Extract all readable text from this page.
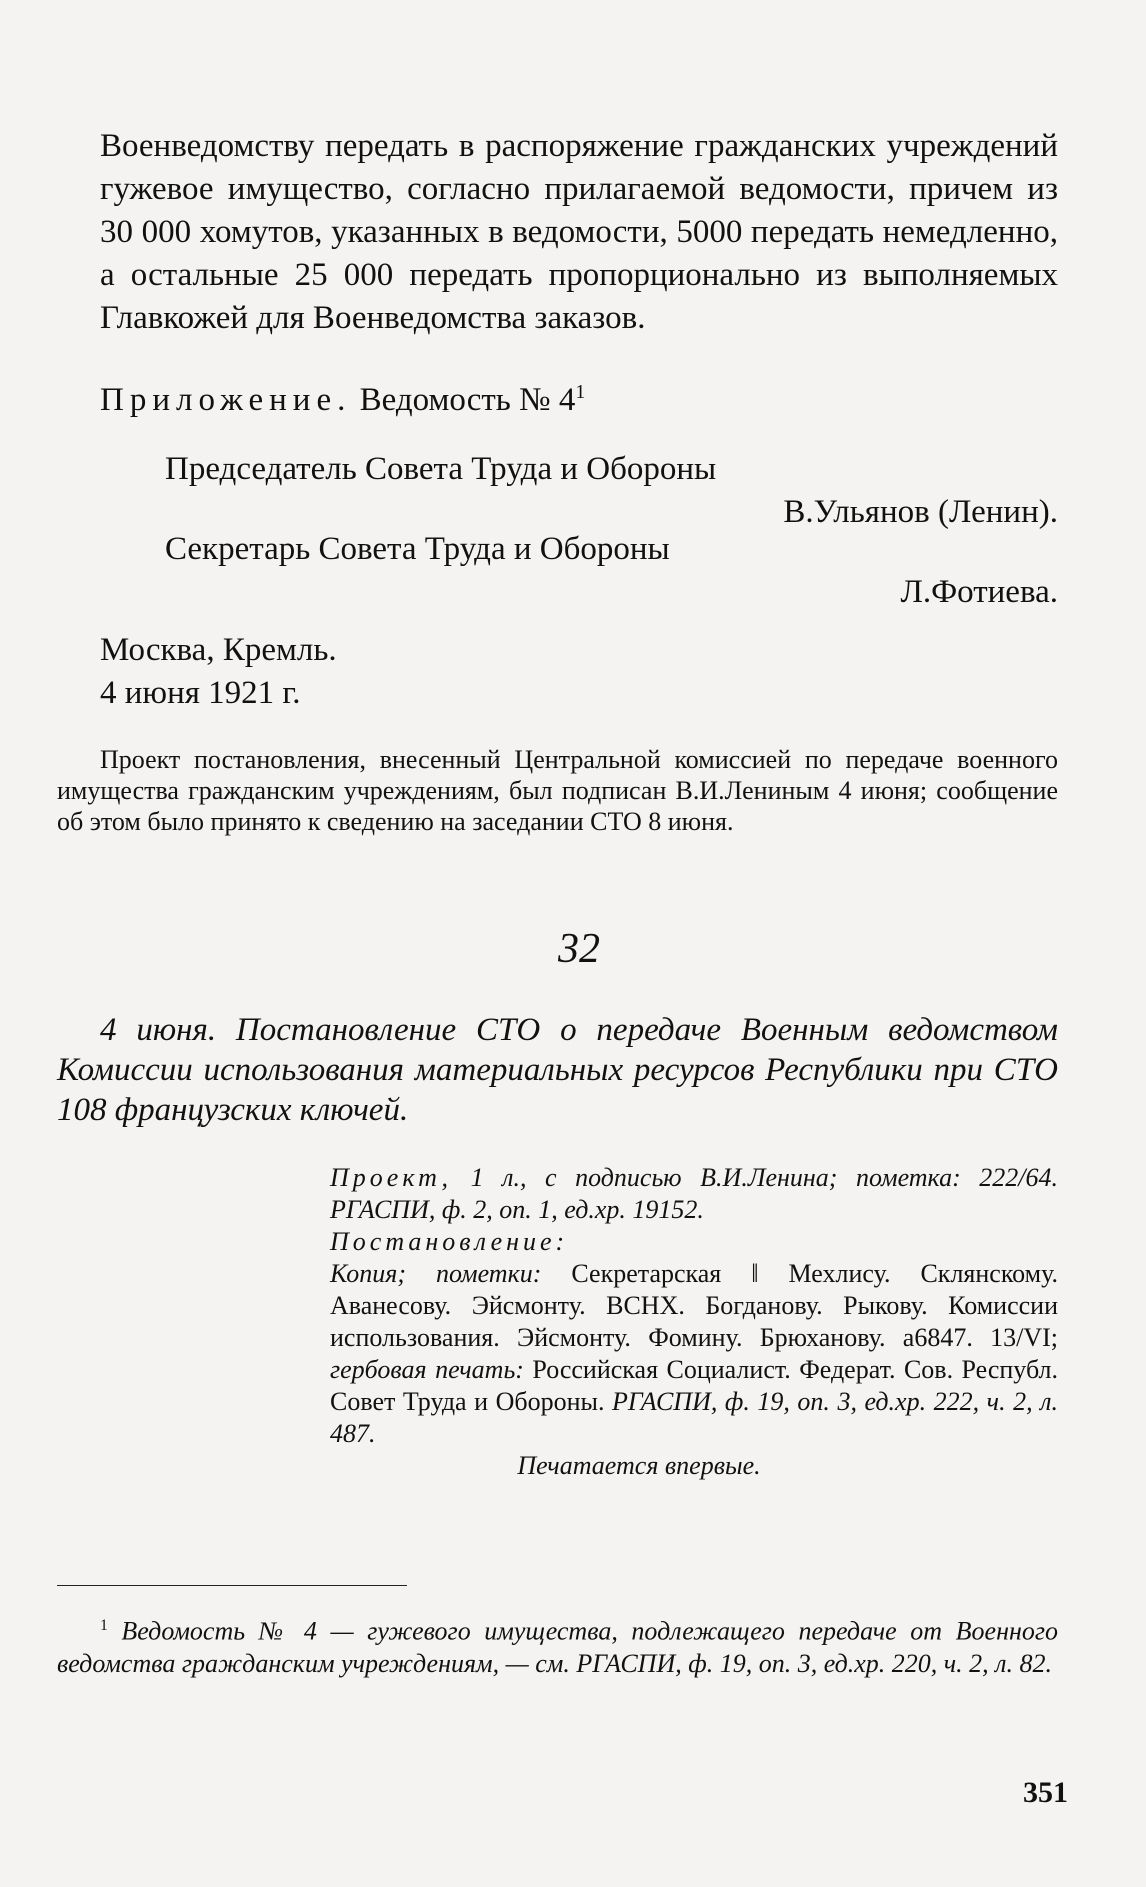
Военведомству передать в распоряжение гражданских учреждений гужевое имущество, согласно прилагаемой ведомости, причем из 30 000 хомутов, указанных в ведомости, 5000 передать немедленно, а остальные 25 000 передать пропорционально из выполняемых Главкожей для Военведомства заказов.

Приложение. Ведомость № $4^1$

Председатель Совета Труда и Обороны
В.Ульянов (Ленин).
Секретарь Совета Труда и Обороны
Л.Фотиева.
Москва, Кремль.
4 июня 1921 г.

Проект постановления, внесенный Центральной комиссией по передаче военного имущества гражданским учреждениям, был подписан В.И.Лениным 4 июня; сообщение об этом было принято к сведению на заседании СТО 8 июня.

32

4 июня. Постановление СТО о передаче Военным ведомством Комиссии использования материальных ресурсов Республики при СТО 108 французских ключей.

Проект, 1 л., с подписью В.И.Ленина; пометка: 222/64. РГАСПИ, ф. 2, оп. 1, ед.хр. 19152.

Постановление:

Копия; пометки: Секретарская ‖ Мехлису. Склянскому. Аванесову. Эйсмонту. ВСНХ. Богданову. Рыкову. Комиссии использования. Эйсмонту. Фомину. Брюханову. а6847. 13/VI; гербовая печать: Российская Социалист. Федерат. Сов. Республ. Совет Труда и Обороны. РГАСПИ, ф. 19, оп. 3, ед.хр. 222, ч. 2, л. 487.

Печатается впервые.

$^1$ Ведомость № 4 — гужевого имущества, подлежащего передаче от Военного ведомства гражданским учреждениям, — см. РГАСПИ, ф. 19, оп. 3, ед.хр. 220, ч. 2, л. 82.

351
